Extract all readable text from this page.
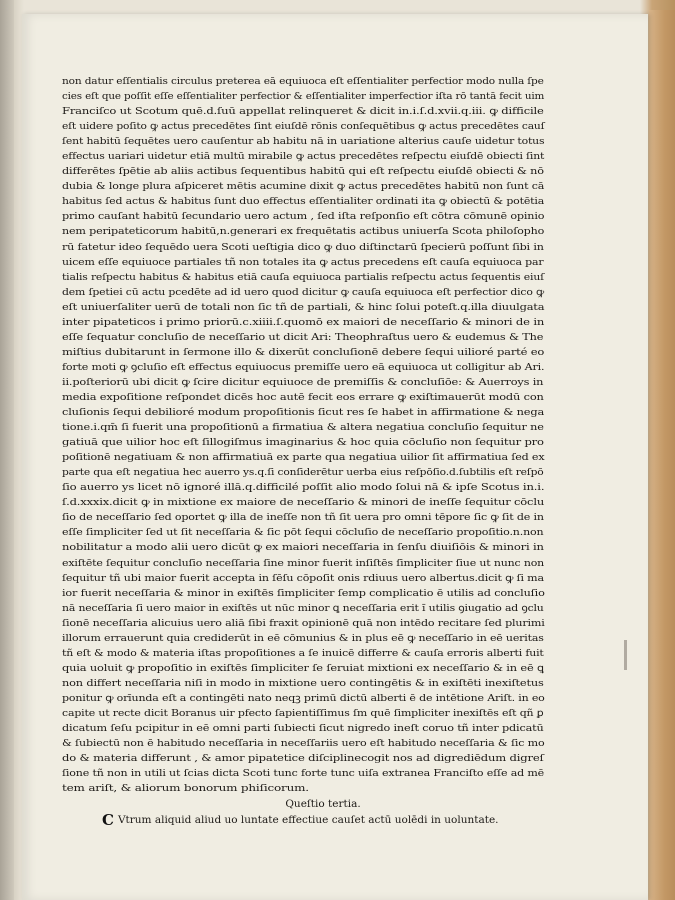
non datur eſſentialis circulus preterea eā equiuoca eſt eſſentialiter perfectior modo nulla ſpe
cies eſt que poſſit eſſe eſſentialiter perfectior & eſſentialiter imperfectior iſta rō tantā fecit uim
Franciſco ut Scotum quē.d.ſuū appellat relinqueret & dicit in.i.ſ.d.xvii.q.iii. ꝙ difficile
eſt uidere poſito ꝙ actus precedētes ſint eiuſdē rōnis conſequētibus ꝙ actus precedētes cauſ
ſent habitū ſequētes uero cauſentur ab habitu nā in uariatione alterius cauſe uidetur totus
effectus uariari uidetur etiā multū mirabile ꝙ actus precedētes reſpectu eiuſdē obiecti ſint
differētes ſpētie ab aliis actibus ſequentibus habitū qui eſt reſpectu eiuſdē obiecti & nō
dubia & longe plura aſpiceret mētis acumine dixit ꝙ actus precedētes habitū non ſunt cā
habitus ſed actus & habitus ſunt duo effectus eſſentialiter ordinati ita ꝙ obiectū & potētia
primo cauſant habitū ſecundario uero actum , ſed iſta reſponſio eſt cōtra cōmunē opinio
nem peripateticorum habitū,n.generari ex frequētatis actibus uniuerſa Scota philoſopho
rū fatetur ideo ſequēdo uera Scoti ueſtigia dico ꝙ duo diſtinctarū ſpecierū poſſunt ſibi in
uicem eſſe equiuoce partiales tñ non totales ita ꝙ actus precedens eſt cauſa equiuoca par
tialis reſpectu habitus & habitus etiā cauſa equiuoca partialis reſpectu actus ſequentis eiuſ
dem ſpetiei cū actu pcedēte ad id uero quod dicitur ꝙ cauſa equiuoca eſt perfectior dico ꝙ
eſt uniuerſaliter uerū de totali non ſic tñ de partiali, & hinc ſolui poteſt.q.illa diuulgata
inter pipateticos i primo priorū.c.xiiii.ſ.quomō ex maiori de neceſſario & minori de in
eſſe ſequatur concluſio de neceſſario ut dicit Ari: Theophraſtus uero & eudemus & The
miſtius dubitarunt in ſermone illo & dixerūt concluſionē debere ſequi uilioré parté eo
forte moti ꝙ ꝯcluſio eſt effectus equiuocus premiſſe uero eā equiuoca ut colligitur ab Ari.
ii.poſteriorū ubi dicit ꝙ ſcire dicitur equiuoce de premiſſis & concluſiōe: & Auerroys in
media expoſitione reſpondet dicēs hoc autē fecit eos errare ꝙ exiſtimauerūt modū con
cluſionis ſequi debilioré modum propoſitionis ſicut res ſe habet in affirmatione & nega
tione.i.qm̄ ſi fuerit una propoſitionū a firmatiua & altera negatiua concluſio ſequitur ne
gatiuā que uilior hoc eſt ſillogiſmus imaginarius & hoc quia cōcluſio non ſequitur pro
poſitionē negatiuam & non affirmatiuā ex parte qua negatiua uilior ſit affirmatiua ſed ex
parte qua eſt negatiua hec auerro ys.q.ſi conſiderētur uerba eius reſpōſio.d.ſubtilis eſt reſpō
ſio auerro ys licet nō ignoré illā.q.difficilé poſſit alio modo ſolui nā & ipſe Scotus in.i.
ſ.d.xxxix.dicit ꝙ in mixtione ex maiore de neceſſario & minori de ineſſe ſequitur cōclu
ſio de neceſſario ſed oportet ꝙ illa de ineſſe non tñ ſit uera pro omni tēpore ſic ꝙ ſit de in
eſſe ſimpliciter ſed ut ſit neceſſaria & ſic pōt ſequi cōcluſio de neceſſario propoſitio.n.non
nobilitatur a modo alii uero dicūt ꝙ ex maiori neceſſaria in ſenſu diuiſiōis & minori in
exiſtēte ſequitur concluſio neceſſaria ſine minor fuerit inſiſtēs ſimpliciter ſiue ut nunc non
ſequitur tñ ubi maior fuerit accepta in ſēſu cōpoſit onis rdiuus uero albertus.dicit ꝙ ſi ma
ior fuerit neceſſaria & minor in exiſtēs ſimpliciter ſemp complicatio ē utilis ad concluſio
nā neceſſaria ſi uero maior in exiſtēs ut nūc minor ꝗ neceſſaria erit ı̄ utilis ꝯiugatio ad ꝯclu
ſionē neceſſaria alicuius uero aliā ſibi fraxit opinionē quā non intēdo recitare ſed plurimi
illorum errauerunt quia crediderūt in eē cōmunius & in plus eē ꝙ neceſſario in eē ueritas
tñ eſt & modo & materia iſtas propoſitiones a ſe inuicē differre & cauſa erroris alberti fuit
quia uoluit ꝙ propoſitio in exiſtēs ſimpliciter ſe ſeruiat mixtioni ex neceſſario & in eē ꝗ
non differt neceſſaria niſi in modo in mixtione uero contingētis & in exiſtēti inexiſtetus
ponitur ꝙ orīunda eſt a contingēti nato neqꝫ primū dictū alberti ē de intētione Ariſt. in eo
capite ut recte dicit Boranus uir pfecto ſapientiſſimus ſm quē ſimpliciter inexiſtēs eſt qñ ꝑ
dicatum ſeſu pcipitur in eē omni parti ſubiecti ſicut nigredo ineſt coruo tñ inter pdicatū
& ſubiectū non ē habitudo neceſſaria in neceſſariis uero eſt habitudo neceſſaria & ſic mo
do & materia differunt , & amor pipatetice diſciplinecogit nos ad digrediēdum digreſ
ſione tñ non in utili ut ſcias dicta Scoti tunc forte tunc uiſa extranea Franciſto eſſe ad mē
tem ariſt, & aliorum bonorum phiſicorum.
Queſtio tertia.
C Vtrum aliquid aliud uo luntate effectiue cauſet actū uolēdi in uoluntate.
